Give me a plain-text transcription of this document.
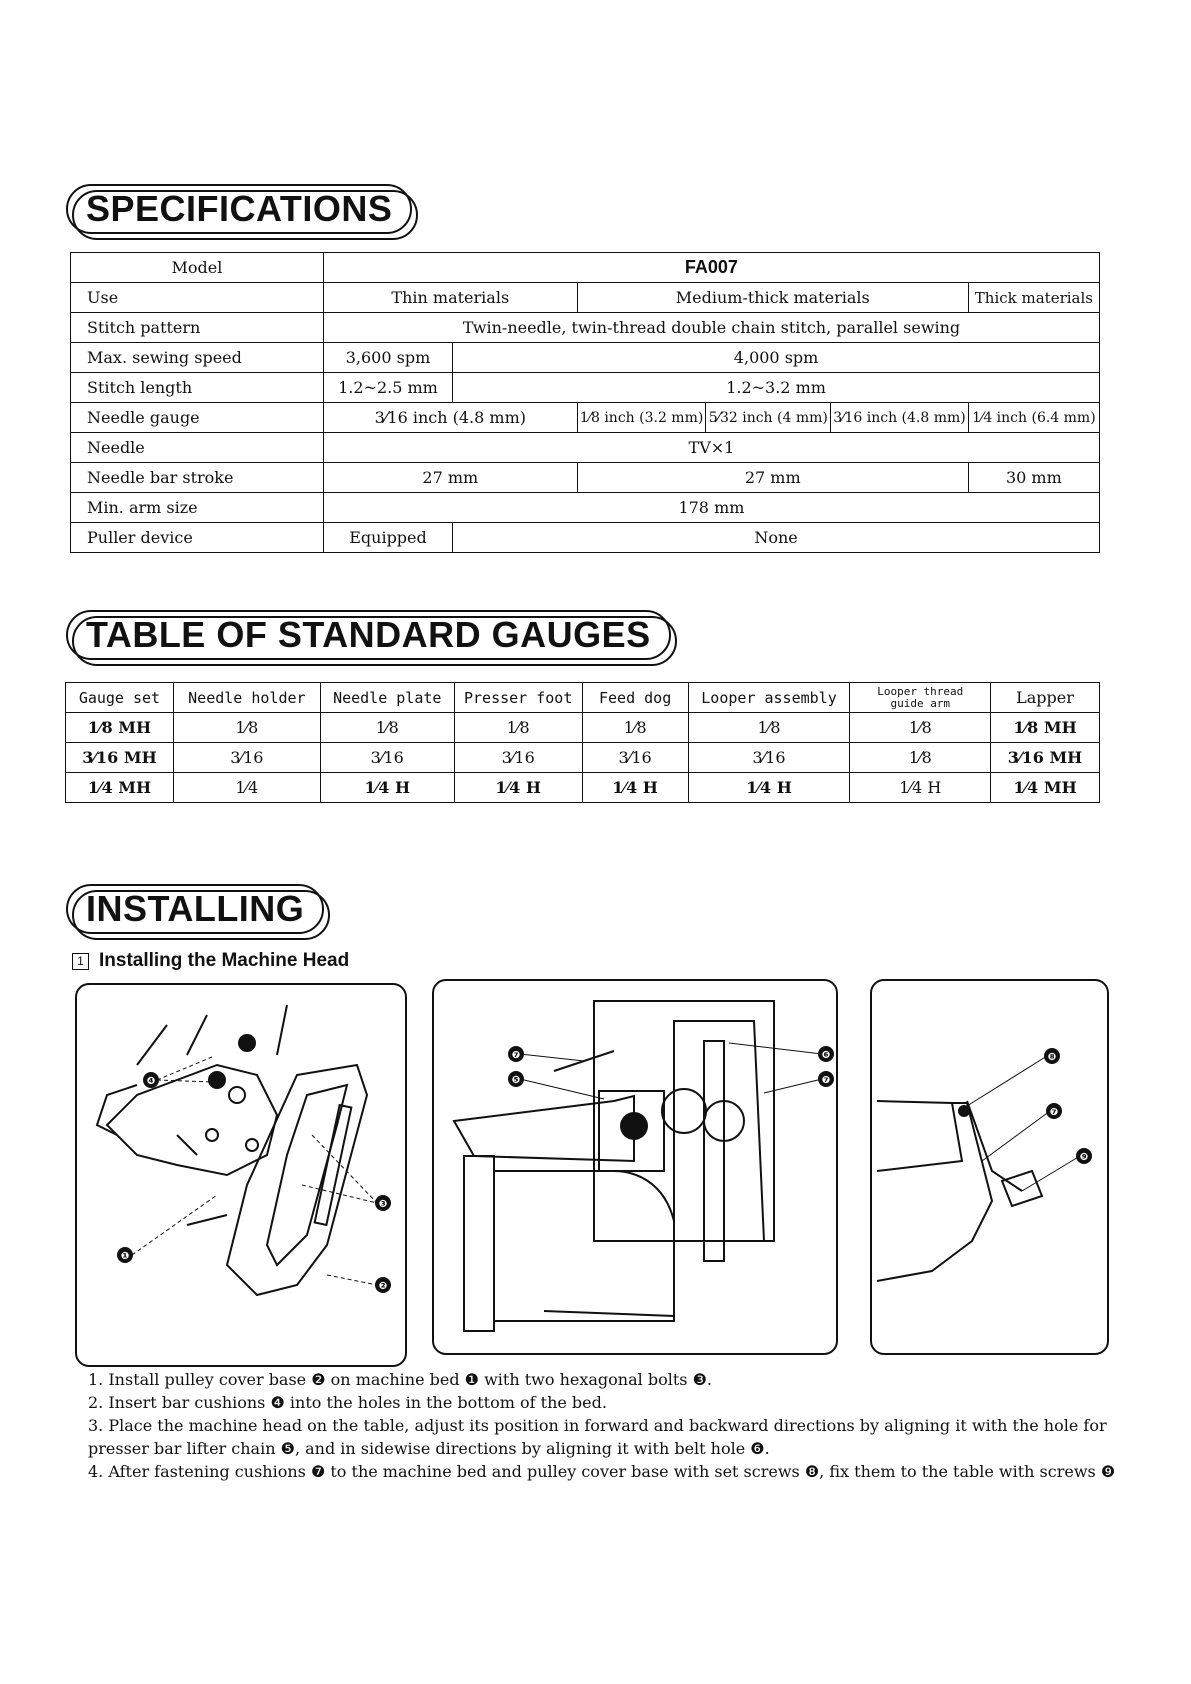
SPECIFICATIONS
Model	FA007					
Use	Thin materials		Medium-thick materials			Thick materials
Stitch pattern	Twin-needle, twin-thread double chain stitch, parallel sewing					
Max. sewing speed	3,600 spm	4,000 spm				
Stitch length	1.2~2.5 mm	1.2~3.2 mm				
Needle gauge	3⁄16 inch (4.8 mm)		1⁄8 inch (3.2 mm)	5⁄32 inch (4 mm)	3⁄16 inch (4.8 mm)	1⁄4 inch (6.4 mm)
Needle	TV×1					
Needle bar stroke	27 mm		27 mm			30 mm
Min. arm size	178 mm					
Puller device	Equipped	None				
TABLE OF STANDARD GAUGES
Gauge set	Needle holder	Needle plate	Presser foot	Feed dog	Looper assembly	Looper thread guide arm	Lapper
1⁄8 MH	1⁄8	1⁄8	1⁄8	1⁄8	1⁄8	1⁄8	1⁄8 MH
3⁄16 MH	3⁄16	3⁄16	3⁄16	3⁄16	3⁄16	1⁄8	3⁄16 MH
1⁄4 MH	1⁄4	1⁄4 H	1⁄4 H	1⁄4 H	1⁄4 H	1⁄4 H	1⁄4 MH
INSTALLING
1 Installing the Machine Head
❹
❸
❷
❶
❼
❺
❻
❼
❽
❼
❾
1. Install pulley cover base ❷ on machine bed ❶ with two hexagonal bolts ❸.
2. Insert bar cushions ❹ into the holes in the bottom of the bed.
3. Place the machine head on the table, adjust its position in forward and backward directions by aligning it with the hole for presser bar lifter chain ❺, and in sidewise directions by aligning it with belt hole ❻.
4. After fastening cushions ❼ to the machine bed and pulley cover base with set screws ❽, fix them to the table with screws ❾
